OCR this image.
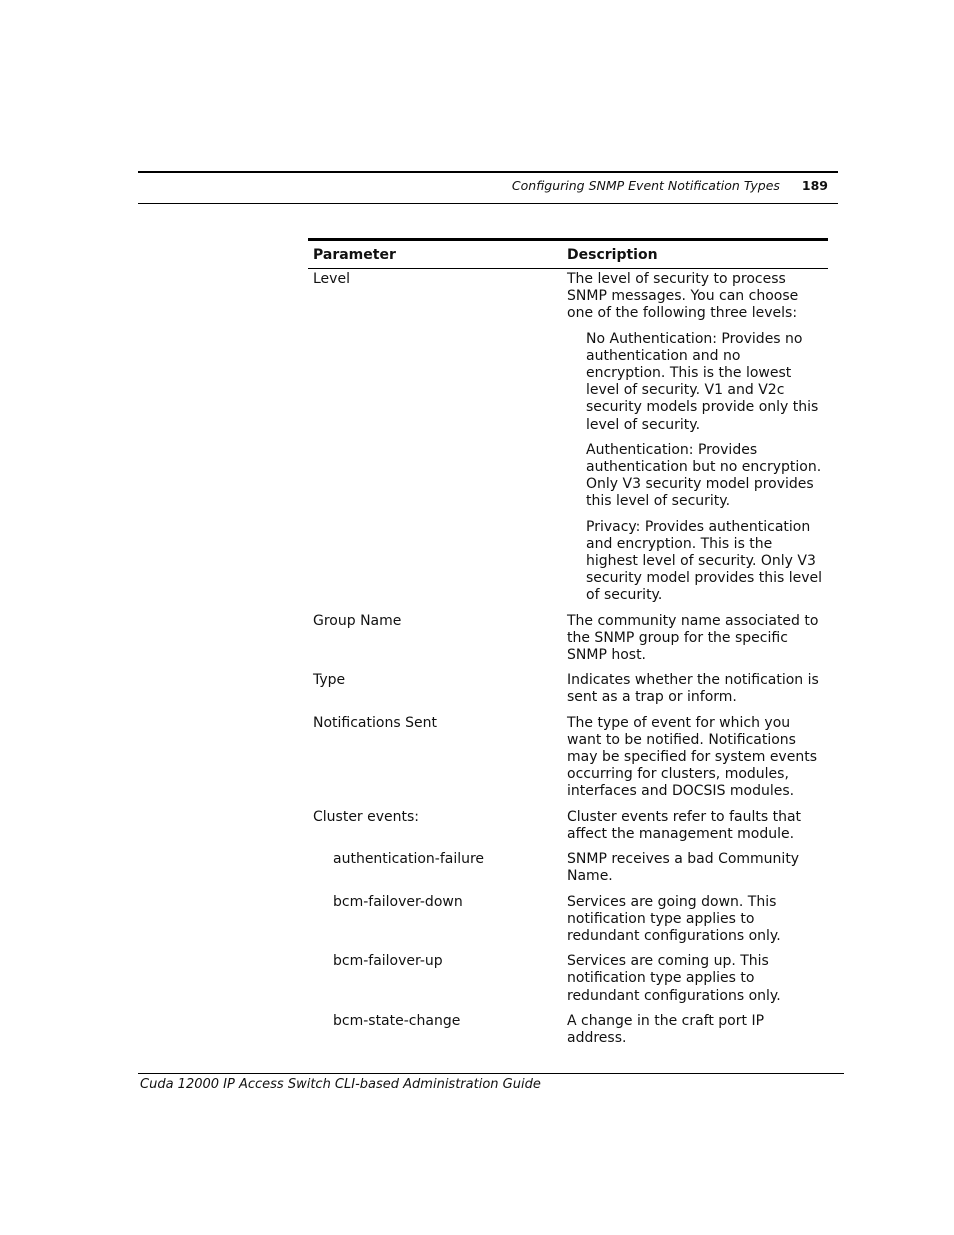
Configuring SNMP Event Notification Types 189
Parameter	Description
Level	The level of security to process SNMP messages. You can choose one of the following three levels:
No Authentication: Provides no authentication and no encryption. This is the lowest level of security. V1 and V2c security models provide only this level of security.
Authentication: Provides authentication but no encryption. Only V3 security model provides this level of security.
Privacy: Provides authentication and encryption. This is the highest level of security. Only V3 security model provides this level of security.
Group Name	The community name associated to the SNMP group for the specific SNMP host.
Type	Indicates whether the notification is sent as a trap or inform.
Notifications Sent	The type of event for which you want to be notified. Notifications may be specified for system events occurring for clusters, modules, interfaces and DOCSIS modules.
Cluster events:	Cluster events refer to faults that affect the management module.
authentication-failure	SNMP receives a bad Community Name.
bcm-failover-down	Services are going down. This notification type applies to redundant configurations only.
bcm-failover-up	Services are coming up. This notification type applies to redundant configurations only.
bcm-state-change	A change in the craft port IP address.
Cuda 12000 IP Access Switch CLI-based Administration Guide
